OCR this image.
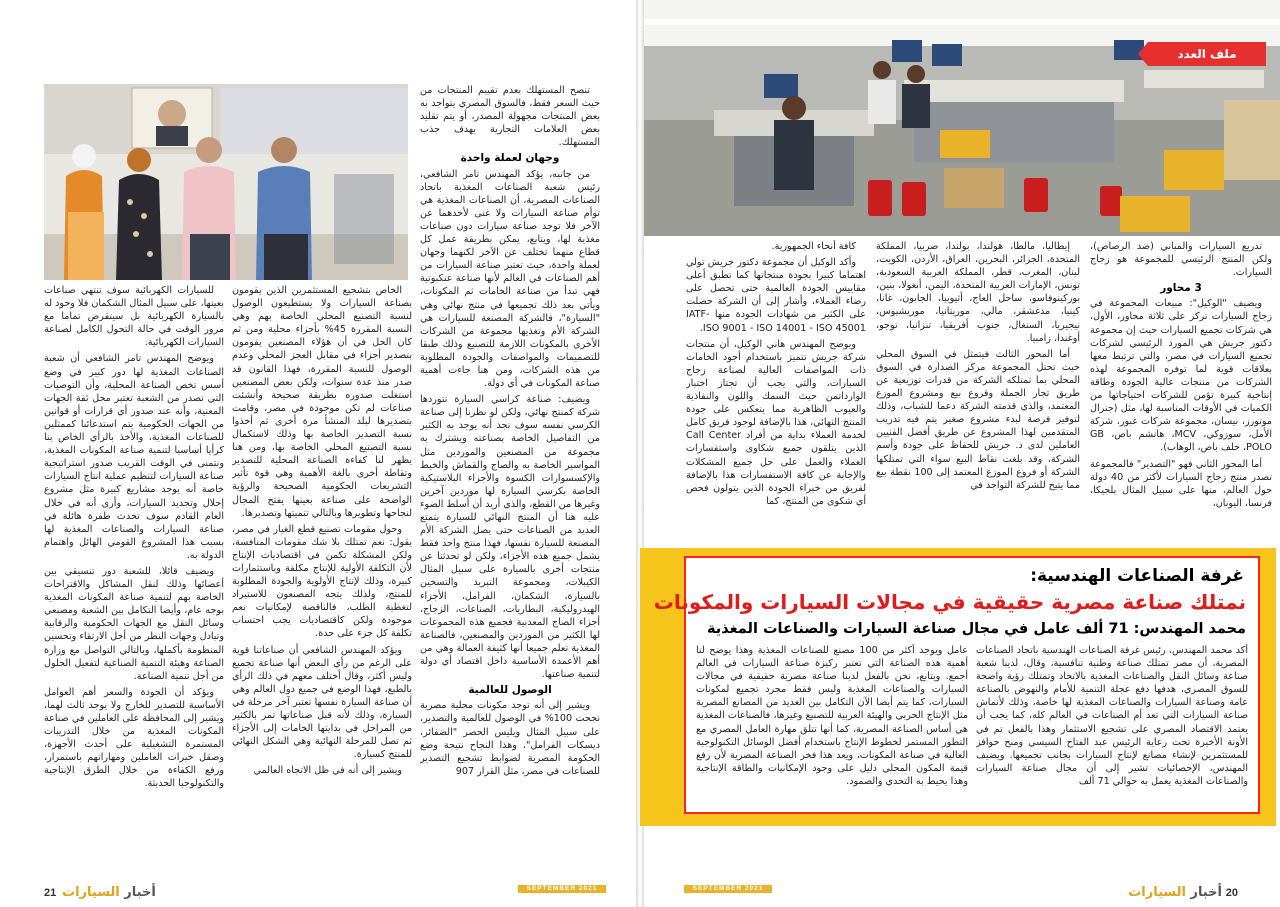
تنصح المستهلك بعدم تقييم المنتجات من حيث السعر فقط، فالسوق المصري يتواجد به بعض المنتجات مجهولة المصدر، أو يتم تقليد بعض العلامات التجارية بهدف جذب المستهلك.

وجهان لعملة واحدة

من جانبه، يؤكد المهندس تامر الشافعي، رئيس شعبة الصناعات المغذية باتحاد الصناعات المصرية، أن الصناعات المغذية هي توأم صناعة السيارات ولا غنى لأحدهما عن الآخر فلا توجد صناعة سيارات دون صناعات مغذية لها، ويتابع، يمكن بطريقة عمل كل قطاع منهما تختلف عن الآخر لكنهما وجهان لعملة واحدة، حيث تعتبر صناعة السيارات من أهم الصناعات في العالم لأنها صناعة عنكبوتية فهي تبدأ من صناعة الخامات ثم المكونات، ويأتي بعد ذلك تجميعها في منتج نهائي وهي "السيارة"، فالشركة المصنعة للسيارات هي الشركة الأم وتغذيها مجموعة من الشركات الأخرى بالمكونات اللازمة للتصنيع وذلك طبقا للتصميمات والمواصفات والجودة المطلوبة من هذه الشركات، ومن هنا جاءت أهمية صناعة المكونات في أي دولة.

ويضيف: صناعة كراسي السيارة تتوردها شركة كمنتج نهائي، ولكن لو نظرنا إلى صناعة الكرسي نفسه سوف نجد أنه يوجد به الكثير من التفاصيل الخاصة بصناعته ويشترك به مجموعة من المصنعين والموردين مثل المواسير الخاصة به والصاج والقماش والخيط والإكسسوارات الكسوة والأجزاء البلاستيكية الخاصة بكرسي السيارة لها موردين آخرين وغيرها من القطع، والذي أريد أن أسلط الضوء عليه هنا أن المنتج النهائي للسيارة يتمتع العديد من الصناعات حتى يصل الشركة الأم المصنعة للسيارة نفسها، فهذا منتج واحد فقط يشمل جميع هذه الأجزاء، ولكن لو تحدثنا عن منتجات أخرى بالسيارة على سبيل المثال الكيبلات، ومجموعة التبريد والتسخين بالسيارة، الشكمان، الفرامل، الأجزاء الهيدروليكية، البطاريات، الصناعات، الزجاج، أجزاء الصاج المعدنية فجميع هذه المجموعات لها الكثير من الموردين والمصنعين، فالصناعة المغذية تعلم جميعا أنها كثيفة العمالة وهي من أهم الأعمدة الأساسية داخل اقتصاد أي دولة لتنمية صناعتها.

الوصول للعالمية

ويشير إلى أنه توجد مكونات محلية مصرية نجحت 100% في الوصول للعالمية والتصدير، على سبيل المثال ويليس الحصر "الضفائر، ديسكات الفرامل"، وهذا النجاح نتيجة وضع الحكومة المصرية لضوابط تشجيع التصدير للصناعات في مصر، مثل القرار 907

الخاص بتشجيع المستثمرين الذين يقومون بصناعة السيارات ولا يستطيعون الوصول لنسبة التصنيع المحلي الخاصة بهم وهي النسبة المقررة 45% بأجزاء محلية ومن ثم كان الحل في أن هؤلاء المصنعين يقومون بتصدير أجزاء في مقابل العجز المحلي وعدم الوصول للنسبة المقررة، فهذا القانون قد صدر منذ عدة سنوات، ولكن بعض المصنعين استغلت صدوره بطريقة صحيحة وأنشئت صناعات لم تكن موجودة في مصر، وقامت بتصديرها لبلد المنشأ مرة أخرى ثم أخذوا نسبة التصدير الخاصة بها وذلك لاستكمال نسبة التصنيع المحلي الخاصة بها، ومن هنا يظهر لنا كفاءة الصناعة المحلية للتصدير وتقاطة أخرى بالغة الأهمية وهي قوة تأثير التشريعات الحكومية الصحيحة والرؤية الواضحة على صناعة بعينها يفتح المجال لنجاحها وتطويرها وبالتالي تنميتها وتصديرها.

وحول مقومات تصنيع قطع الغيار في مصر، يقول: نعم تمتلك بلا شك مقومات المنافسة، ولكن المشكلة تكمن في اقتصاديات الإنتاج لأن التكلفة الأولية للإنتاج مكلفة وباستثمارات كبيرة، وذلك لإنتاج الأولوية والجودة المطلوبة للمنتج، ولذلك يتجه المصنعون للاستيراد لتغطية الطلب، فالناقصة لإمكانيات نعم موجودة ولكن كاقتصاديات يجب احتساب تكلفة كل جزء على حدة.

ويؤكد المهندس الشافعي أن صناعاتنا قوية على الرغم من رأي البعض أنها صناعة تجميع وليس أكثر، وقال أختلف معهم في ذلك الرأي بالطبع، فهذا الوضع في جميع دول العالم وهي أن صناعة السيارة نفسها تعتبر آخر مرحلة في السيارة، وذلك لأنه قبل صناعاتها تمر بالكثير من المراحل في بدايتها الخامات إلى الأجزاء ثم تصل للمرحلة النهائية وهي الشكل النهائي للمنتج كسيارة.

ويشير إلى أنه في ظل الاتجاه العالمي

للسيارات الكهربائية سوف تنتهي صناعات بعينها، على سبيل المثال الشكمان فلا وجود له بالسيارة الكهربائية بل سيتقرض تماما مع مرور الوقت في حالة التحول الكامل لصناعة السيارات الكهربائية.

ويوضح المهندس تامر الشافعي أن شعبة الصناعات المغذية لها دور كبير في وضع أسس تخص الصناعة المحلية، وأن التوصيات التي تصدر من الشعبة تعتبر محل ثقة الجهات المعنية، وأنه عند صدور أي قرارات أو قوانين من الجهات الحكومية يتم استدعائنا كممثلين للصناعات المغذية، والأخذ بالرأي الخاص بنا كرأيا أساسيا لتنمية صناعة المكونات المغذية، ونتمنى في الوقت القريب صدور استراتيجية صناعة السيارات لتنظيم عملية انتاج السيارات خاصة أنه يوجد مشاريع كبيرة مثل مشروع إحلال وتجديد السيارات، وأرى أنه في خلال العام القادم سوف تحدث طفرة هائلة في صناعة السيارات والصناعات المغذية لها بسبب هذا المشروع القومي الهائل واهتمام الدولة به.

ويضيف قائلا، للشعبة دور تنسيقي بين أعضائها وذلك لنقل المشاكل والاقتراحات الخاصة بهم لتنمية صناعة المكونات المغذية بوجه عام، وأيضا التكامل بين الشعبة ومصنعي وسائل النقل مع الجهات الحكومية والرقابية وتبادل وجهات النظر من أجل الارتقاء وتحسين المنظومة بأكملها، وبالتالي التواصل مع وزارة الصناعة وهيئة التنمية الصناعية لتفعيل الحلول من أجل تنمية الصناعة.

ويؤكد أن الجودة والسعر أهم العوامل الأساسية للتصدير للخارج ولا يوجد ثالث لهما، ويشير إلى المحافظة على العاملين في صناعة المكونات المغذية من خلال التدريبات المستمرة التشغيلية على أحدث الأجهزة، وصقل خبرات العاملين ومهاراتهم باستمرار، ورفع الكفاءة من خلال الطرق الإنتاجية والتكنولوجيا الحديثة.

21	أخبار السيارات	SEPTEMBER 2021
ملف العدد

تدريع السيارات والمباني (ضد الرصاص)، ولكن المنتج الرئيسي للمجموعة هو زجاج السيارات.

3 محاور

ويضيف "الوكيل": مبيعات المجموعة في زجاج السيارات تركز على ثلاثة محاور، الأول، هي شركات تجميع السيارات حيث إن مجموعة دكتور جريش هي المورد الرئيسي لشركات تجميع السيارات في مصر، والتي ترتبط معها بعلاقات قوية لما توفره المجموعة لهذه الشركات من منتجات عالية الجودة وطاقة إنتاجية كبيرة تؤمن للشركات احتياجاتها من الكميات في الأوقات المناسبة لها، مثل (جنرال موتورز، نيسان، مجموعة شركات غبور، شركة الأمل، سوزوكي، MCV، هانشم باص، GB POLO، خلف باص، الوهاب).

أما المحور الثاني فهو "التصدير" فالمجموعة تصدر منتج زجاج السيارات لأكثر من 40 دولة حول العالم، منها على سبيل المثال بلجيكا، فرنسا، اليونان،

إيطاليا، مالطا، هولندا، بولندا، صربيا، المملكة المتحدة، الجزائر، البحرين، العراق، الأردن، الكويت، لبنان، المغرب، قطر، المملكة العربية السعودية، تونس، الإمارات العربية المتحدة، اليمن، أنغولا، بنين، بوركينوفاسو، ساحل العاج، أثيوبيا، الجابون، غانا، كينيا، مدغشقر، مالي، موريتانيا، موريشيوس، نيجيريا، السنغال، جنوب أفريقيا، تنزانيا، توجو، أوغندا، زامبيا.

أما المحور الثالث فيتمثل في السوق المحلي حيث تحتل المجموعة مركز الصدارة في السوق المحلي بما تمتلكه الشركة من قدرات توزيعية عن طريق تجار الجملة وفروع بيع ومشروع الموزع المعتمد، والذي قدمته الشركة دعما للشباب، وذلك لتوفير فرصة لبدء مشروع صغير يتم فيه تدريب المتقدمين لهذا المشروع عن طريق أفضل الفنيين العاملين لدى د. جريش للحفاظ على جودة وأسم الشركة، وقد بلغت نقاط البيع سواء التي تمتلكها الشركة أو فروع الموزع المعتمد إلى 100 نقطة بيع مما يتيح للشركة التواجد في

كافة أنحاء الجمهورية.

وأكد الوكيل أن مجموعة دكتور جريش تولي اهتماما كبيرا بجودة منتجاتها كما تطبق أعلى مقاييس الجودة العالمية حتى تحصل على رضاء العملاء، وأشار إلى أن الشركة حصلت على الكثير من شهادات الجودة منها IATF-ISO 9001 - ISO 14001 - ISO 45001.

ويوضح المهندس هاني الوكيل، أن منتجات شركة جريش تتميز باستخدام أجود الخامات ذات المواصفات العالية لصناعة زجاج السيارات، والتي يجب أن تجتاز اختبار الوارداتمن حيث السمك واللون والنفاذية والعيوب الظاهرية مما ينعكس على جودة المنتج النهائي، هذا بالإضافة لوجود فريق كامل لخدمة العملاء بداية من أفراد Call Center الذين يتلقون جميع شكاوى واستفسارات العملاء والعمل على حل جميع المشكلات والإجابة عن كافة الاستفسارات هذا بالإضافة لفريق من خبراء الجودة الذين يتولون فحص أي شكوى من المنتج، كما

20
أخبار السيارات
SEPTEMBER 2021
غرفة الصناعات الهندسية:
نمتلك صناعة مصرية حقيقية في مجالات السيارات والمكونات
محمد المهندس: 71 ألف عامل في مجال صناعة السيارات والصناعات المغذية
أكد محمد المهندس، رئيس غرفة الصناعات الهندسية باتحاد الصناعات المصرية، أن مصر تمتلك صناعة وطنية تنافسية، وقال، لدينا شعبة صناعة وسائل النقل والصناعات المغذية بالاتحاد وتمتلك رؤية واضحة للسوق المصري، هدفها دفع عجلة التنمية للأمام والنهوض بالصناعة عامة وصناعة السيارات والصناعات المغذية لها خاصة، وذلك لأنماش صناعة السيارات التي تعد أم الصناعات في العالم كله، كما يجب أن يعتمد الاقتصاد المصري على تشجيع الاستثمار وهذا بالفعل تم في الأونة الأخيرة تحت رعاية الرئيس عبد الفتاح السيسي ومنح حوافز للمستثمرين لإنشاء مصانع لإنتاج السيارات بجانب تجميعها. ويضيف المهندس، الإحصائيات تشير إلى أن مجال صناعة السيارات والصناعات المغذية يعمل به حوالي 71 ألف
عامل ويوجد أكثر من 100 مصنع للصناعات المغذية وهذا يوضح لنا أهمية هذه الصناعة التي تعتبر ركيزة صناعة السيارات في العالم أجمع. ويتابع، نحن بالفعل لدينا صناعة مصرية حقيقية في مجالات السيارات والصناعات المغذية وليس فقط مجرد تجميع لمكونات السيارات، كما يتم أيضا الآن التكامل بين العديد من المصانع المصرية مثل الإنتاج الحربي والهيئة العربية للتصنيع وغيرها، فالصناعات المغذية هي أساس الصناعة المصرية، كما أنها تتلق مهارة العامل المصري مع التطور المستمر لخطوط الإنتاج باستخدام أفضل الوسائل التكنولوجية العالية في صناعة المكونات، ويعد هذا فخر الصناعة المصرية لأن رفع قيمة المكون المحلي دليل على وجود الإمكانيات والطاقة الإنتاجية وهذا يحيط به التحدي والصمود.
